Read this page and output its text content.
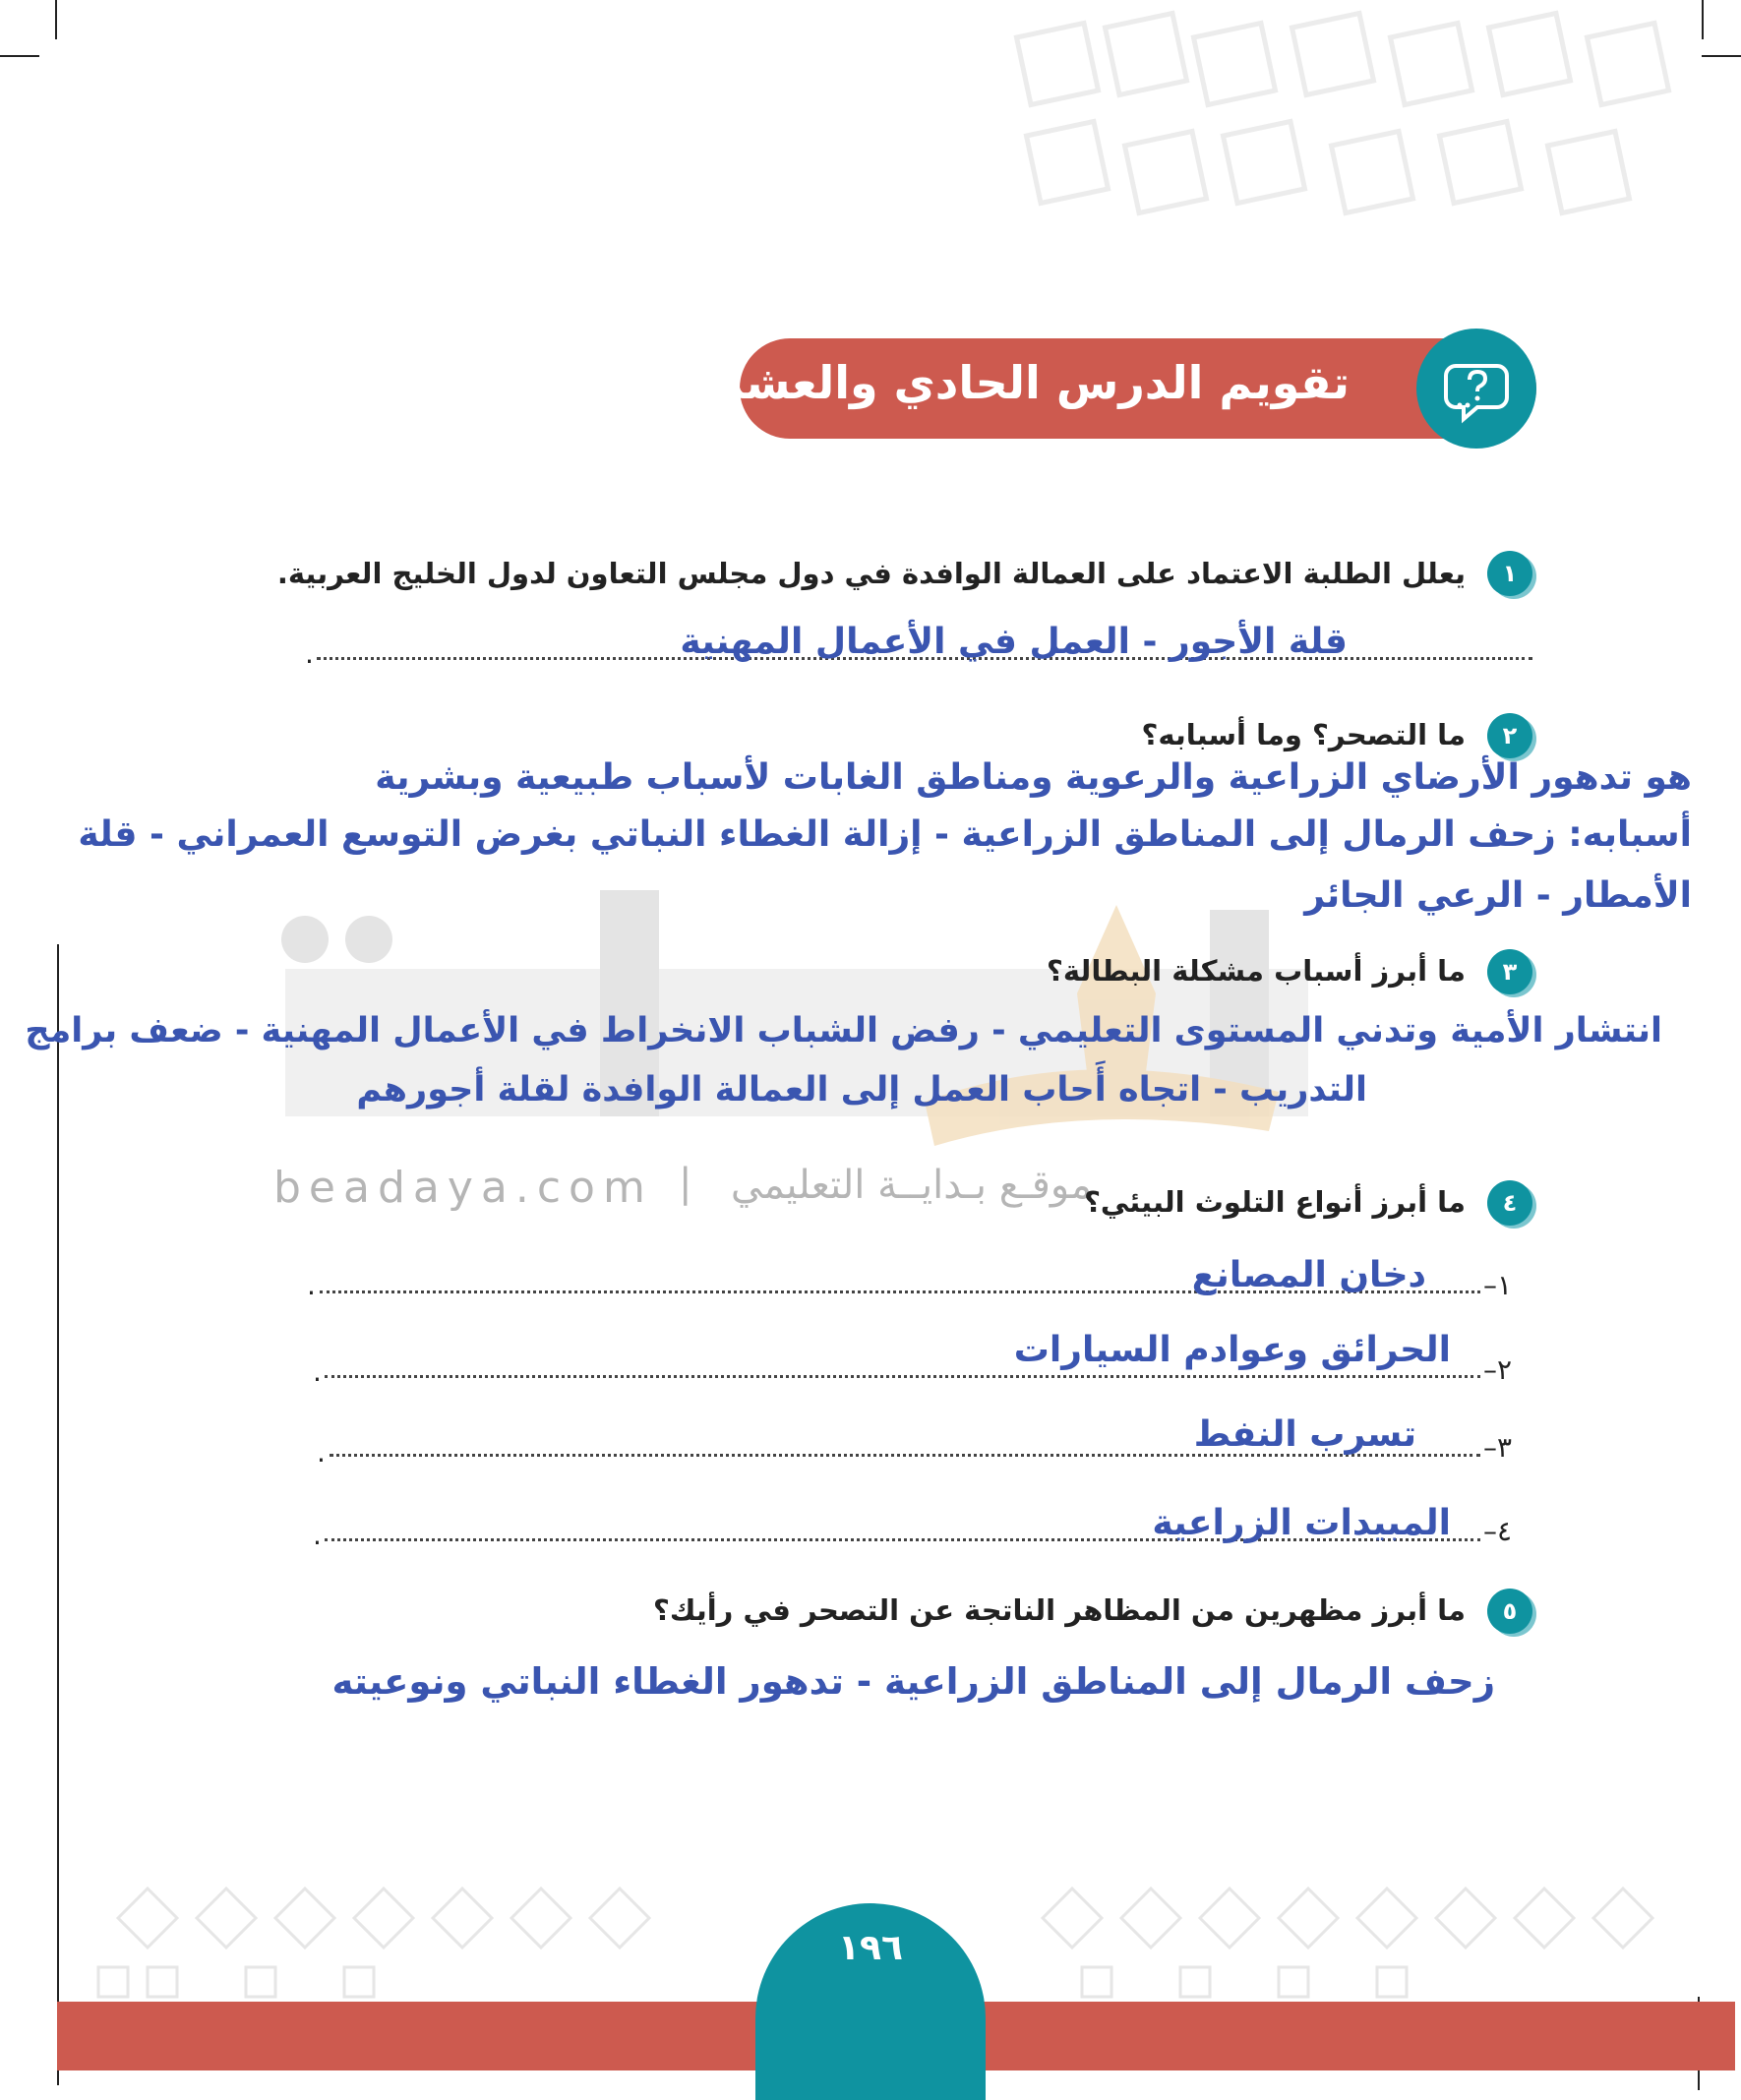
beadaya.com | موقـع بـدايــة التعليمي
تقويم الدرس الحادي والعشرين
١
يعلل الطلبة الاعتماد على العمالة الوافدة في دول مجلس التعاون لدول الخليج العربية.
.	قلة الأجور - العمل في الأعمال المهنية
٢
ما التصحر؟ وما أسبابه؟
هو تدهور الأرضاي الزراعية والرعوية ومناطق الغابات لأسباب طبيعية وبشرية
أسبابه: زحف الرمال إلى المناطق الزراعية - إزالة الغطاء النباتي بغرض التوسع العمراني - قلة
الأمطار - الرعي الجائر
٣
ما أبرز أسباب مشكلة البطالة؟
انتشار الأمية وتدني المستوى التعليمي - رفض الشباب الانخراط في الأعمال المهنية - ضعف برامج
التدريب - اتجاه أَحاب العمل إلى العمالة الوافدة لقلة أجورهم
٤
ما أبرز أنواع التلوث البيئي؟
١–
.	دخان المصانع
٢–
.
الحرائق وعوادم السيارات
٣–
.	تسرب النفط
٤–
.	المبيدات الزراعية
٥
ما أبرز مظهرين من المظاهر الناتجة عن التصحر في رأيك؟
زحف الرمال إلى المناطق الزراعية - تدهور الغطاء النباتي ونوعيته
١٩٦
